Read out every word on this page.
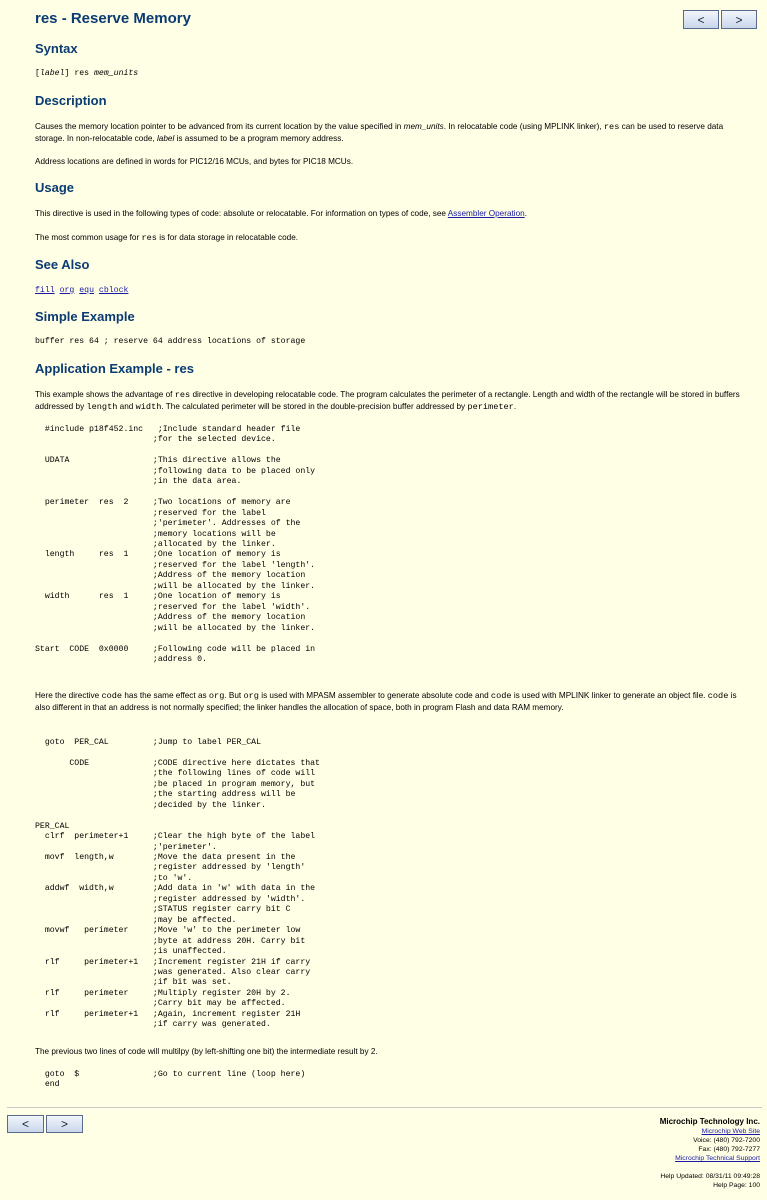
res - Reserve Memory	<	>
Syntax
[label] res mem_units
Description
Causes the memory location pointer to be advanced from its current location by the value specified in mem_units. In relocatable code (using MPLINK linker), res can be used to reserve data storage. In non-relocatable code, label is assumed to be a program memory address.
Address locations are defined in words for PIC12/16 MCUs, and bytes for PIC18 MCUs.
Usage
This directive is used in the following types of code: absolute or relocatable. For information on types of code, see Assembler Operation.
The most common usage for res is for data storage in relocatable code.
See Also
fill org equ cblock
Simple Example
buffer res 64 ; reserve 64 address locations of storage
Application Example - res
This example shows the advantage of res directive in developing relocatable code. The program calculates the perimeter of a rectangle. Length and width of the rectangle will be stored in buffers addressed by length and width. The calculated perimeter will be stored in the double-precision buffer addressed by perimeter.
#include p18f452.inc   ;Include standard header file
;for the selected device.

UDATA                 ;This directive allows the
;following data to be placed only
;in the data area.

perimeter  res  2     ;Two locations of memory are
;reserved for the label
;'perimeter'. Addresses of the
;memory locations will be
;allocated by the linker.
length     res  1     ;One location of memory is
;reserved for the label 'length'.
;Address of the memory location
;will be allocated by the linker.
width      res  1     ;One location of memory is
;reserved for the label 'width'.
;Address of the memory location
;will be allocated by the linker.

Start  CODE  0x0000     ;Following code will be placed in
;address 0.
Here the directive code has the same effect as org. But org is used with MPASM assembler to generate absolute code and code is used with MPLINK linker to generate an object file. code is also different in that an address is not normally specified; the linker handles the allocation of space, both in program Flash and data RAM memory.
goto  PER_CAL         ;Jump to label PER_CAL

CODE             ;CODE directive here dictates that
;the following lines of code will
;be placed in program memory, but
;the starting address will be
;decided by the linker.

PER_CAL
clrf  perimeter+1     ;Clear the high byte of the label
;'perimeter'.
movf  length,w        ;Move the data present in the
;register addressed by 'length'
;to 'w'.
addwf  width,w        ;Add data in 'w' with data in the
;register addressed by 'width'.
;STATUS register carry bit C
;may be affected.
movwf   perimeter     ;Move 'w' to the perimeter low
;byte at address 20H. Carry bit
;is unaffected.
rlf     perimeter+1   ;Increment register 21H if carry
;was generated. Also clear carry
;if bit was set.
rlf     perimeter     ;Multiply register 20H by 2.
;Carry bit may be affected.
rlf     perimeter+1   ;Again, increment register 21H
;if carry was generated.
The previous two lines of code will multilpy (by left-shifting one bit) the intermediate result by 2.
goto  $               ;Go to current line (loop here)
end
<	>	Microchip Technology Inc.
Microchip Web Site
Voice: (480) 792-7200
Fax: (480) 792-7277
Microchip Technical Support
Help Updated: 08/31/11 09:49:28
Help Page: 100
